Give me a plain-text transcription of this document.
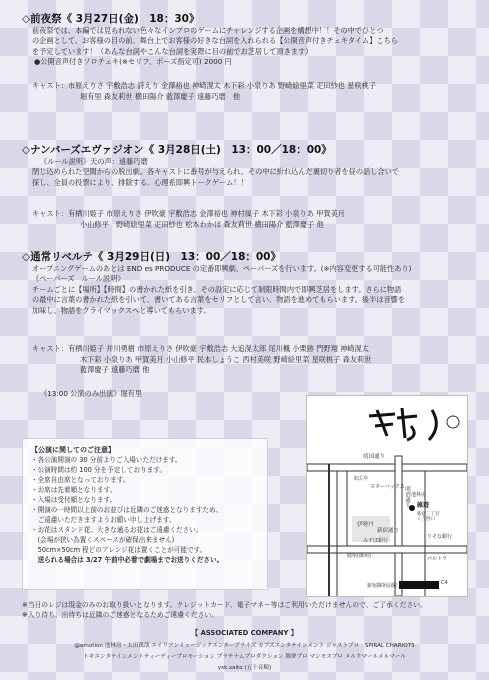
◇前夜祭《 3月27日(金)　18：30》
前夜祭では、本編では見られない色々なインプロのゲームにチャレンジする企画を構想中！！その中でひとつ
の企画として、お客様の目の前、舞台上でお客様の好きな台詞を入れられる【公開音声付きチェキタイム】こちら
を予定しています！（あんな台詞やこんな台詞を実際に目の前でお芝居して頂きます）
●公開音声付きソロチェキ(※セリフ、ポーズ指定可) 2000 円
キャスト：市原えりさ 宇敷浩志 詩えり 金澤裕也 神崎滉太 木下彩 小泉りあ 野崎絵里菜 疋田紗也 星咲桃子
堀有里 森友莉世 横田陽介 藍澤慶子 遠藤巧磨　他
◇ナンバーズエヴァジオン《 3月28日(土)　13：00／18：00》
《ルール説明》天の声：遠藤巧磨
閉じ込められた空間からの脱出劇。各キャストに番号が与えられ、その中に紛れ込んだ裏切り者を昼の話し合いで
探し、全員の投票により、排除する。心理系即興トークゲーム！！
キャスト：有栖川姫子 市原えりさ 伊吹豪 宇敷浩志 金澤裕也 神村風子 木下彩 小泉りあ 甲賀美月
小山修平　野崎絵里菜 疋田紗也 松本わかは 森友莉世 横田陽介 藍澤慶子 他
◇通常リベルテ《 3月29日(日)　13：00／18：00》
オープニングゲームのあとは END es PRODUCE の定番即興劇、ペーパーズを行います。(※内容変更する可能性あり)
《ペーパーズ　ルール説明》
チームごとに【場所】【時間】の書かれた紙を引き、その設定に応じて制限時間内で即興芝居をします。さらに物語
の最中に言葉の書かれた紙を引いて、書いてある言葉をセリフとして言い、物語を進めてもらいます。後半は音響を
加味し、物語をクライマックスへと導いてもらいます。
キャスト：有栖川姫子 井川勇樹 市原えりさ 伊吹豪 宇敷浩志 大追滉太郎 尾川楓 小栗跡 門野翔 神崎滉太
木下彩 小泉りあ 甲賀美月 小山修平 民本しょうこ 西村美咲 野崎絵里菜 星咲桃子 森友莉世
藍澤慶子 遠藤巧磨 他
《13:00 公演のみ出演》堀有里
【公演に関してのご注意】
・各公演開演の 30 分前よりご入場いただけます。
・公演時間は約 100 分を予定しております。
・全席自由席となっております。
・お席は先着順となります。
・入場は受付順となります。
・開演の一時間以上前のお並びは近隣のご迷惑となりますため、
　ご遠慮いただきますようお願い申し上げます。
・お花はスタンド花、大きな通るお花はご遠慮ください。
　(会場が狭い為置くスペースが確保出来ません)
　50cm×50cm 程どのアレンジ花は置くことが可能です。
　送られる場合は 3/27 午前中必着で劇場までお送りください。
靖国通り
明治通り
伊勢丹
末広亭
スターバックス
池林房
雑遊
新宿三丁目
くう西口
新宿通り
みずほ銀行
りそな銀行
膝宿(御苑)	パルトラ
新宿御苑前駅	C4
※当日のレジは現金のみのお取り扱いとなります。クレジットカード、電子マネー等はご利用いただけませんので、ご了承ください。
※入り待ち、出待ちは近隣のご迷惑となるためご遠慮ください。
【 ASSOCIATED COMPANY 】
@emotion 池林房・太田萬哉 エイリアンミュージックエンタープライズ カブズエンタテインメント ジャストプロ　SPIRAL CHARIOTS
トキエンタテインメントティーディープロモーション プラチナムプロダクション 舞夢プロ マンモスプロ メルクマールメルマール
ysk.saito (五十音順)
